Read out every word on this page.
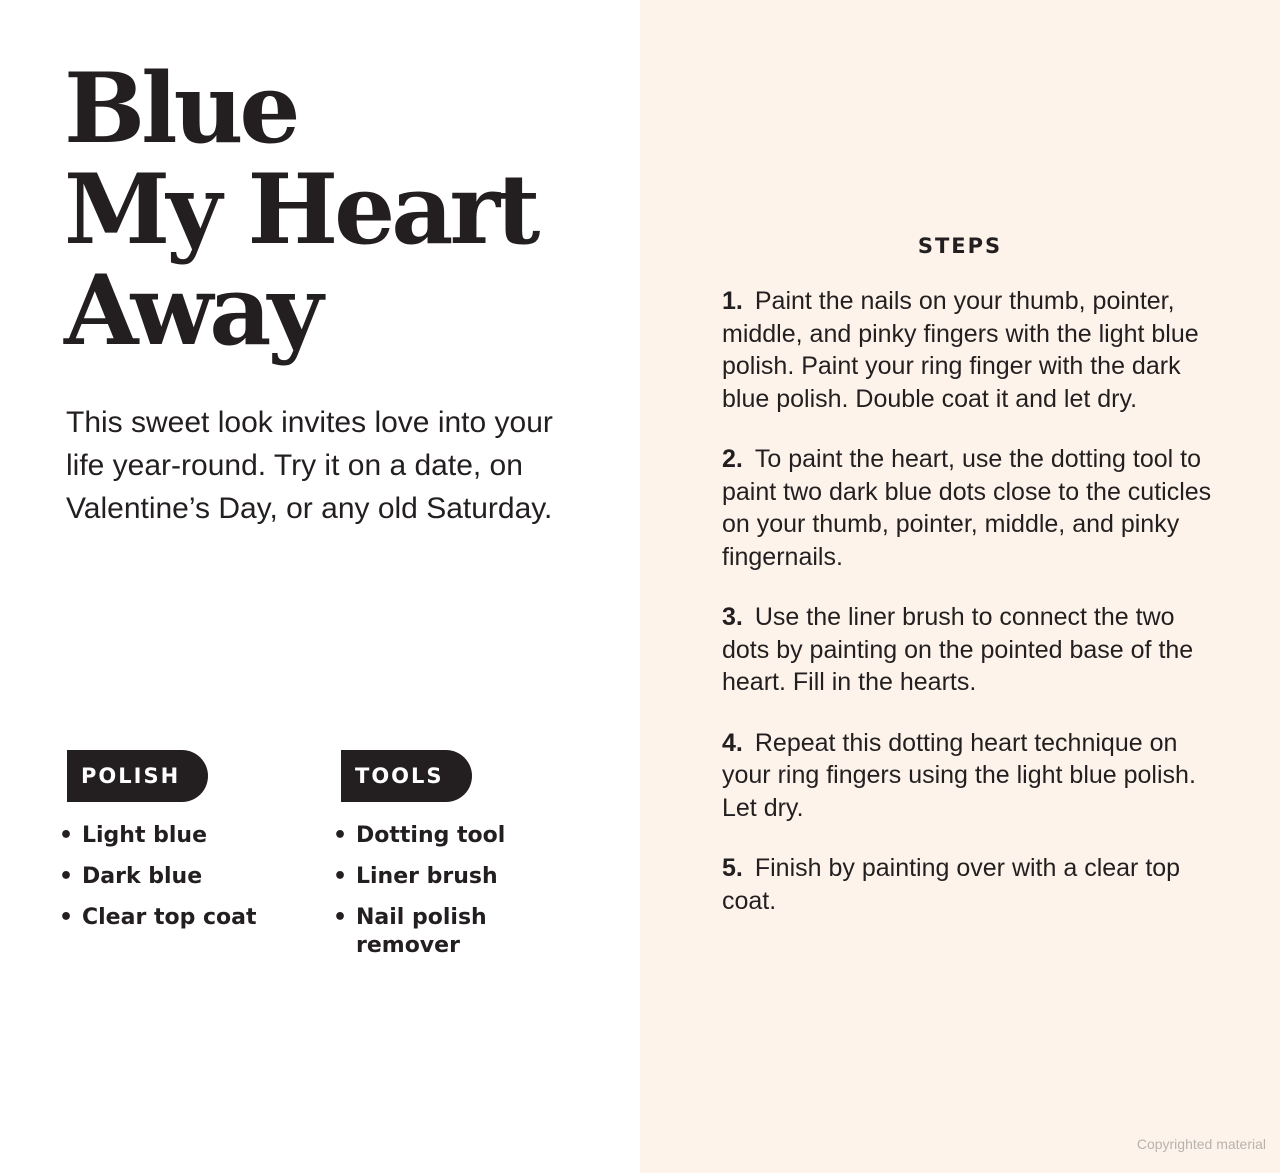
Blue
My Heart
Away

This sweet look invites love into your life year-round. Try it on a date, on Valentine’s Day, or any old Saturday.

POLISH
• Light blue
• Dark blue
• Clear top coat
TOOLS
• Dotting tool
• Liner brush
• Nail polish remover
STEPS
1. Paint the nails on your thumb, pointer, middle, and pinky fingers with the light blue polish. Paint your ring finger with the dark blue polish. Double coat it and let dry.
2. To paint the heart, use the dotting tool to paint two dark blue dots close to the cuticles on your thumb, pointer, middle, and pinky fingernails.
3. Use the liner brush to connect the two dots by painting on the pointed base of the heart. Fill in the hearts.
4. Repeat this dotting heart technique on your ring fingers using the light blue polish. Let dry.
5. Finish by painting over with a clear top coat.
Copyrighted material
